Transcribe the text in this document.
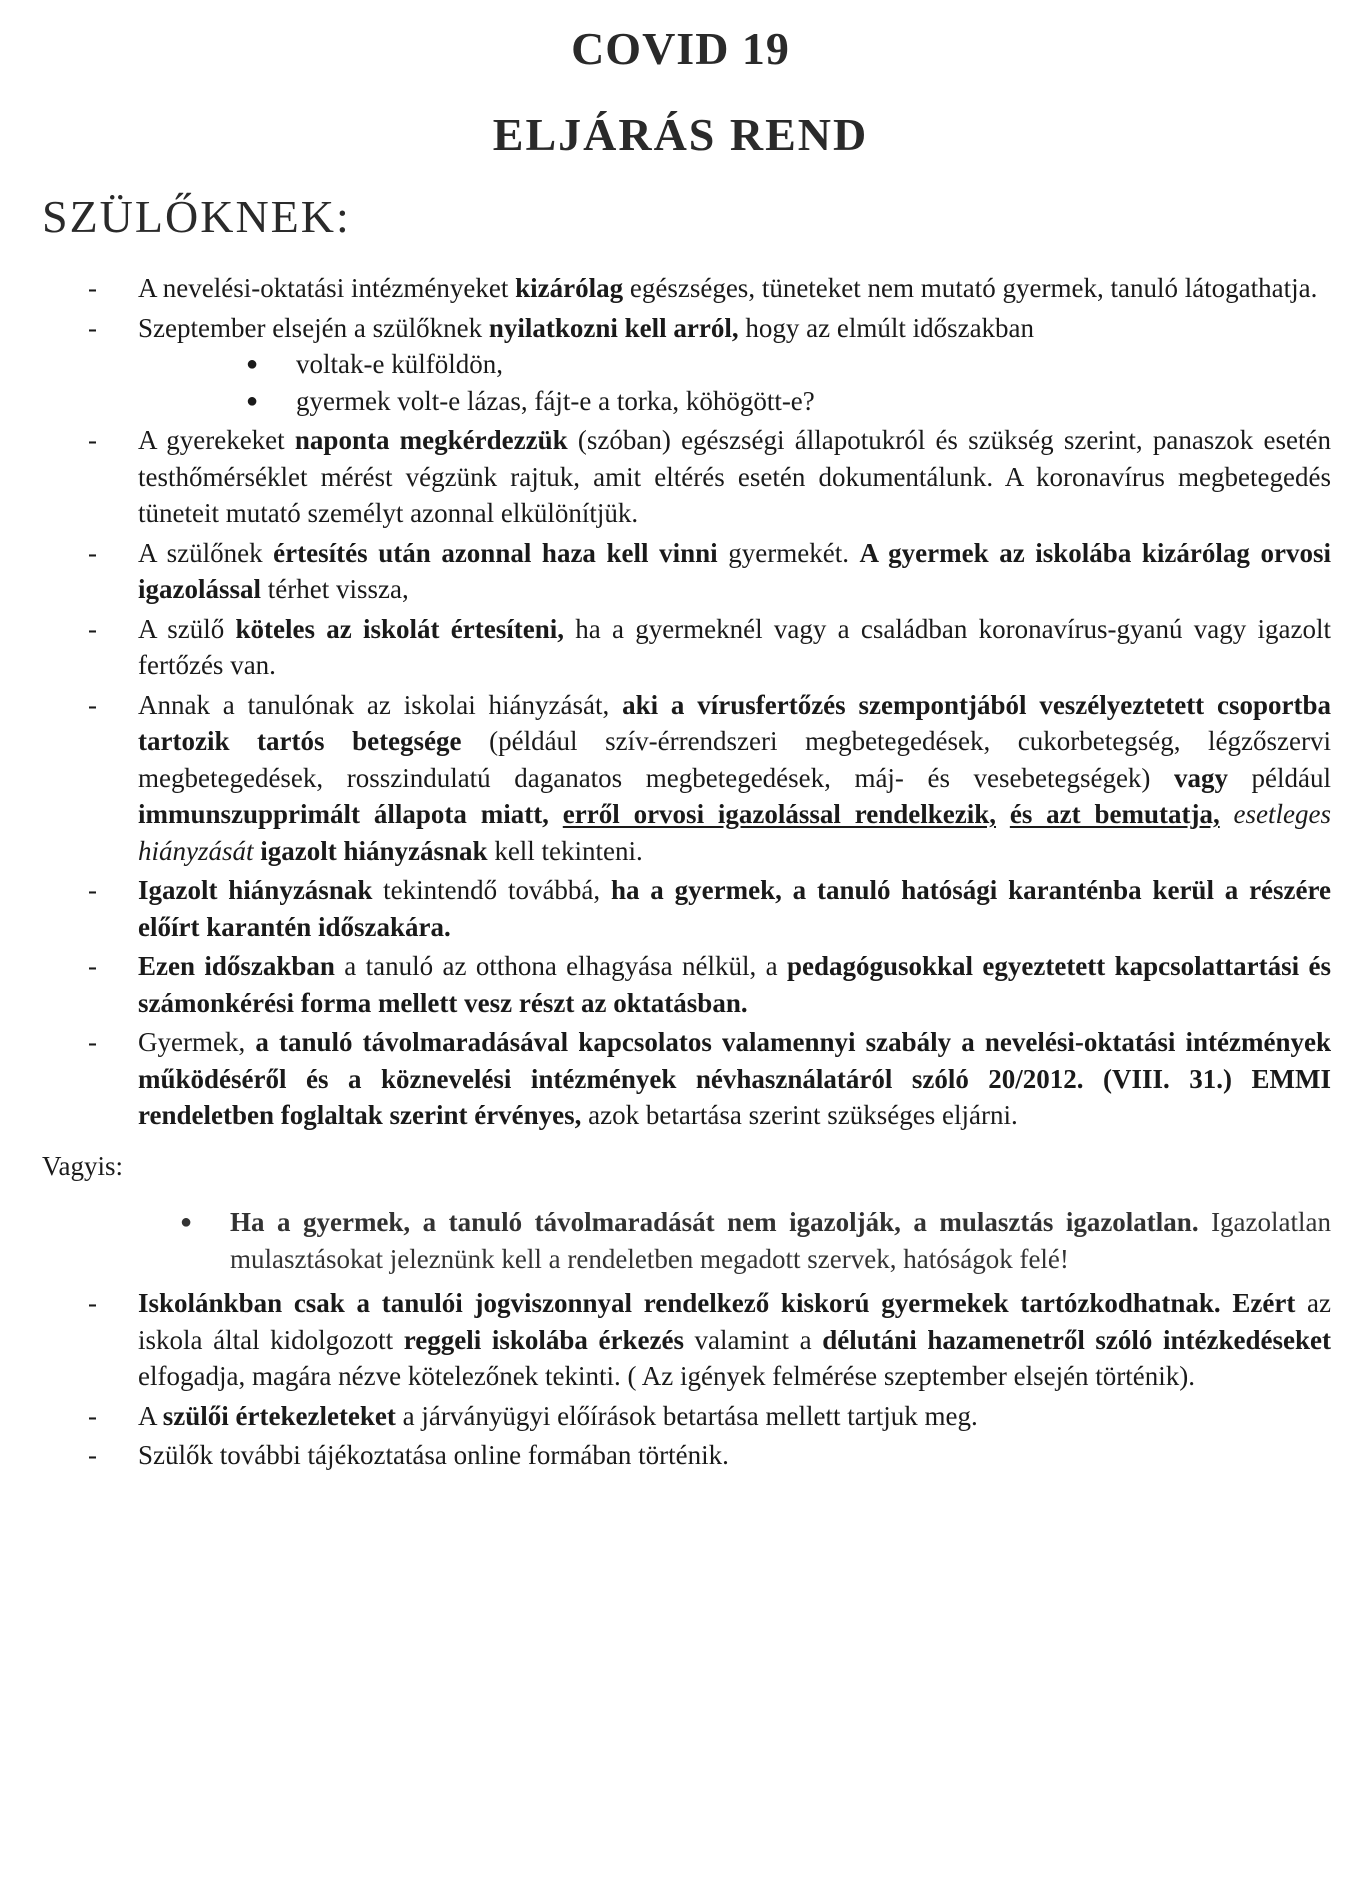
COVID 19
ELJÁRÁS REND
SZÜLŐKNEK:
- A nevelési-oktatási intézményeket kizárólag egészséges, tüneteket nem mutató gyermek, tanuló látogathatja.
- Szeptember elsején a szülőknek nyilatkozni kell arról, hogy az elmúlt időszakban
● voltak-e külföldön,
● gyermek volt-e lázas, fájt-e a torka, köhögött-e?
- A gyerekeket naponta megkérdezzük (szóban) egészségi állapotukról és szükség szerint, panaszok esetén testhőmérséklet mérést végzünk rajtuk, amit eltérés esetén dokumentálunk. A koronavírus megbetegedés tüneteit mutató személyt azonnal elkülönítjük.
- A szülőnek értesítés után azonnal haza kell vinni gyermekét. A gyermek az iskolába kizárólag orvosi igazolással térhet vissza,
- A szülő köteles az iskolát értesíteni, ha a gyermeknél vagy a családban koronavírus-gyanú vagy igazolt fertőzés van.
- Annak a tanulónak az iskolai hiányzását, aki a vírusfertőzés szempontjából veszélyeztetett csoportba tartozik tartós betegsége (például szív-érrendszeri megbetegedések, cukorbetegség, légzőszervi megbetegedések, rosszindulatú daganatos megbetegedések, máj- és vesebetegségek) vagy például immunszupprimált állapota miatt, erről orvosi igazolással rendelkezik, és azt bemutatja, esetleges hiányzását igazolt hiányzásnak kell tekinteni.
- Igazolt hiányzásnak tekintendő továbbá, ha a gyermek, a tanuló hatósági karanténba kerül a részére előírt karantén időszakára.
- Ezen időszakban a tanuló az otthona elhagyása nélkül, a pedagógusokkal egyeztetett kapcsolattartási és számonkérési forma mellett vesz részt az oktatásban.
- Gyermek, a tanuló távolmaradásával kapcsolatos valamennyi szabály a nevelési-oktatási intézmények működéséről és a köznevelési intézmények névhasználatáról szóló 20/2012. (VIII. 31.) EMMI rendeletben foglaltak szerint érvényes, azok betartása szerint szükséges eljárni.
Vagyis:
● Ha a gyermek, a tanuló távolmaradását nem igazolják, a mulasztás igazolatlan. Igazolatlan mulasztásokat jeleznünk kell a rendeletben megadott szervek, hatóságok felé!
- Iskolánkban csak a tanulói jogviszonnyal rendelkező kiskorú gyermekek tartózkodhatnak. Ezért az iskola által kidolgozott reggeli iskolába érkezés valamint a délutáni hazamenetről szóló intézkedéseket elfogadja, magára nézve kötelezőnek tekinti. ( Az igények felmérése szeptember elsején történik).
- A szülői értekezleteket a járványügyi előírások betartása mellett tartjuk meg.
- Szülők további tájékoztatása online formában történik.
